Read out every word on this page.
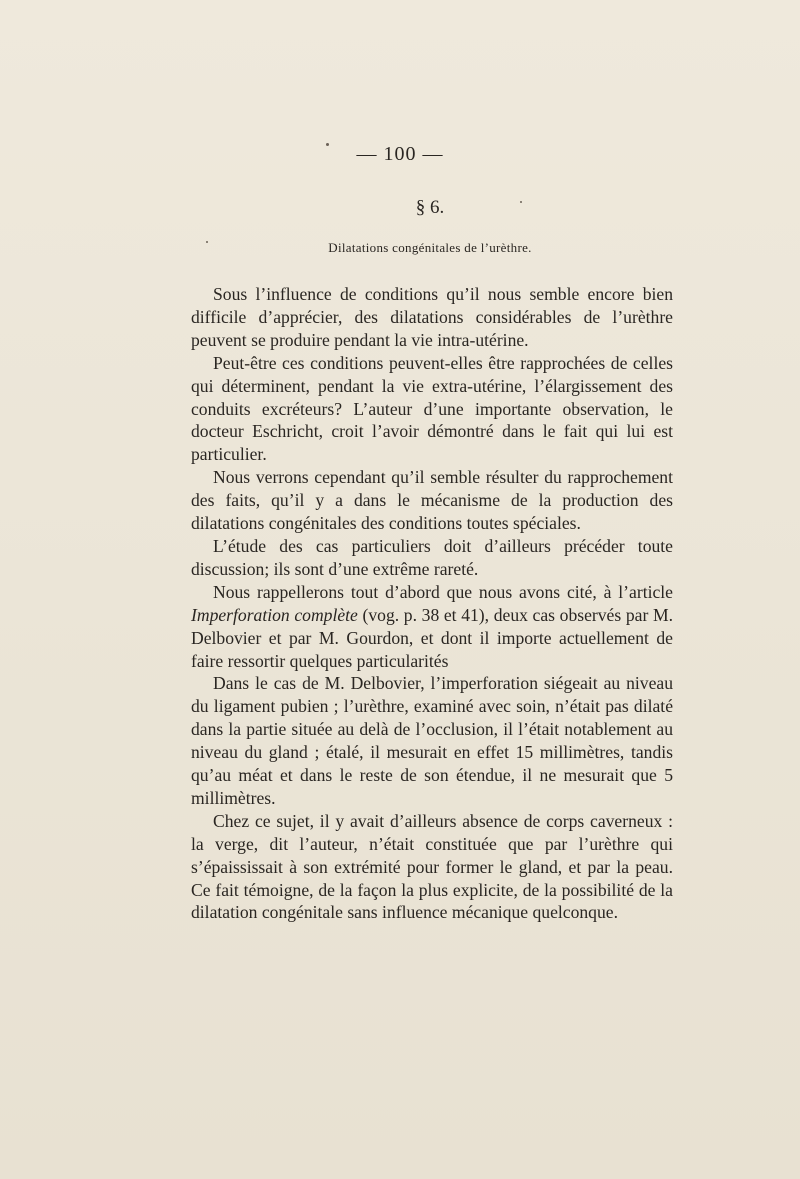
— 100 —
§ 6.
Dilatations congénitales de l’urèthre.

Sous l’influence de conditions qu’il nous semble encore bien difficile d’apprécier, des dilatations considérables de l’urèthre peuvent se produire pendant la vie intra-utérine.

Peut-être ces conditions peuvent-elles être rapprochées de celles qui déterminent, pendant la vie extra-utérine, l’élargissement des conduits excréteurs? L’auteur d’une importante observation, le docteur Eschricht, croit l’avoir démontré dans le fait qui lui est particulier.

Nous verrons cependant qu’il semble résulter du rapprochement des faits, qu’il y a dans le mécanisme de la production des dilatations congénitales des conditions toutes spéciales.

L’étude des cas particuliers doit d’ailleurs précéder toute discussion; ils sont d’une extrême rareté.

Nous rappellerons tout d’abord que nous avons cité, à l’article Imperforation complète (vog. p. 38 et 41), deux cas observés par M. Delbovier et par M. Gourdon, et dont il importe actuellement de faire ressortir quelques particularités

Dans le cas de M. Delbovier, l’imperforation siégeait au niveau du ligament pubien ; l’urèthre, examiné avec soin, n’était pas dilaté dans la partie située au delà de l’occlusion, il l’était notablement au niveau du gland ; étalé, il mesurait en effet 15 millimètres, tandis qu’au méat et dans le reste de son étendue, il ne mesurait que 5 millimètres.

Chez ce sujet, il y avait d’ailleurs absence de corps caverneux : la verge, dit l’auteur, n’était constituée que par l’urèthre qui s’épaississait à son extrémité pour former le gland, et par la peau. Ce fait témoigne, de la façon la plus explicite, de la possibilité de la dilatation congénitale sans influence mécanique quelconque.
